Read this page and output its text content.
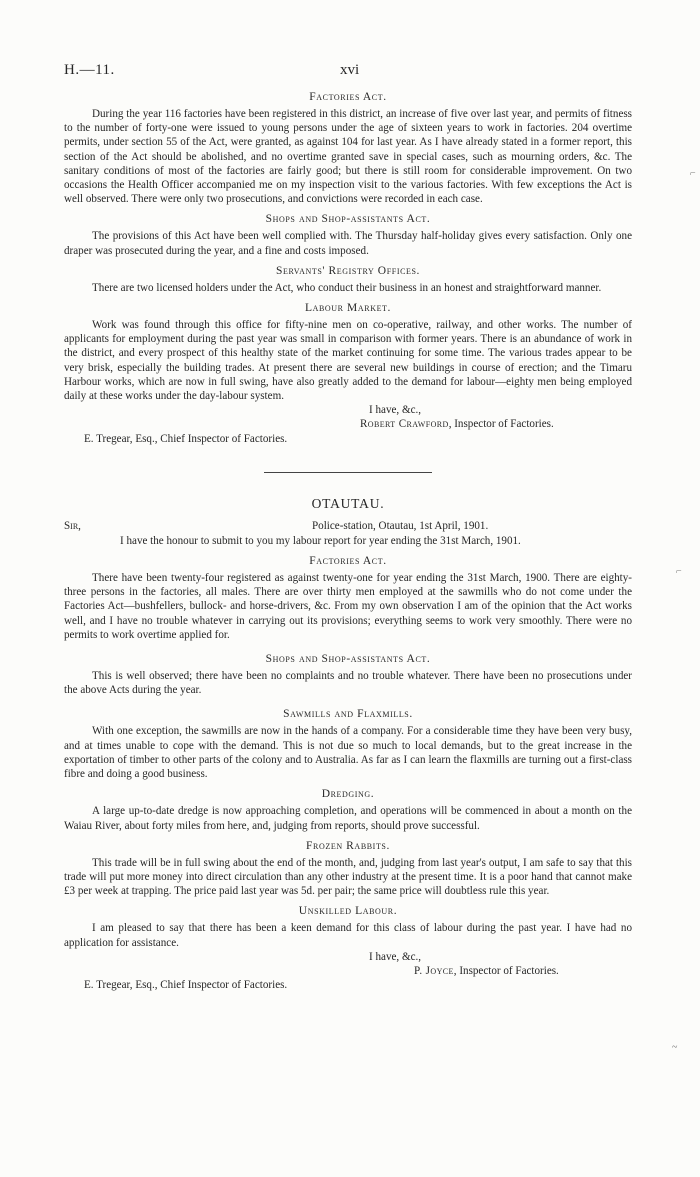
H.—11.	xvi
Factories Act.

During the year 116 factories have been registered in this district, an increase of five over last year, and permits of fitness to the number of forty-one were issued to young persons under the age of sixteen years to work in factories. 204 overtime permits, under section 55 of the Act, were granted, as against 104 for last year. As I have already stated in a former report, this section of the Act should be abolished, and no overtime granted save in special cases, such as mourning orders, &c. The sanitary conditions of most of the factories are fairly good; but there is still room for considerable improvement. On two occasions the Health Officer accompanied me on my inspection visit to the various factories. With few exceptions the Act is well observed. There were only two prosecutions, and convictions were recorded in each case.

Shops and Shop-assistants Act.

The provisions of this Act have been well complied with. The Thursday half-holiday gives every satisfaction. Only one draper was prosecuted during the year, and a fine and costs imposed.

Servants' Registry Offices.

There are two licensed holders under the Act, who conduct their business in an honest and straightforward manner.

Labour Market.

Work was found through this office for fifty-nine men on co-operative, railway, and other works. The number of applicants for employment during the past year was small in comparison with former years. There is an abundance of work in the district, and every prospect of this healthy state of the market continuing for some time. The various trades appear to be very brisk, especially the building trades. At present there are several new buildings in course of erection; and the Timaru Harbour works, which are now in full swing, have also greatly added to the demand for labour—eighty men being employed daily at these works under the day-labour system.

I have, &c.,
Robert Crawford, Inspector of Factories.
E. Tregear, Esq., Chief Inspector of Factories.
OTAUTAU.
Sir,	Police-station, Otautau, 1st April, 1901.

I have the honour to submit to you my labour report for year ending the 31st March, 1901.

Factories Act.

There have been twenty-four registered as against twenty-one for year ending the 31st March, 1900. There are eighty-three persons in the factories, all males. There are over thirty men employed at the sawmills who do not come under the Factories Act—bushfellers, bullock- and horse-drivers, &c. From my own observation I am of the opinion that the Act works well, and I have no trouble whatever in carrying out its provisions; everything seems to work very smoothly. There were no permits to work overtime applied for.

Shops and Shop-assistants Act.

This is well observed; there have been no complaints and no trouble whatever. There have been no prosecutions under the above Acts during the year.

Sawmills and Flaxmills.

With one exception, the sawmills are now in the hands of a company. For a considerable time they have been very busy, and at times unable to cope with the demand. This is not due so much to local demands, but to the great increase in the exportation of timber to other parts of the colony and to Australia. As far as I can learn the flaxmills are turning out a first-class fibre and doing a good business.

Dredging.

A large up-to-date dredge is now approaching completion, and operations will be commenced in about a month on the Waiau River, about forty miles from here, and, judging from reports, should prove successful.

Frozen Rabbits.

This trade will be in full swing about the end of the month, and, judging from last year's output, I am safe to say that this trade will put more money into direct circulation than any other industry at the present time. It is a poor hand that cannot make £3 per week at trapping. The price paid last year was 5d. per pair; the same price will doubtless rule this year.

Unskilled Labour.

I am pleased to say that there has been a keen demand for this class of labour during the past year. I have had no application for assistance.

I have, &c.,
P. Joyce, Inspector of Factories.
E. Tregear, Esq., Chief Inspector of Factories.
⌐
⌐
~
